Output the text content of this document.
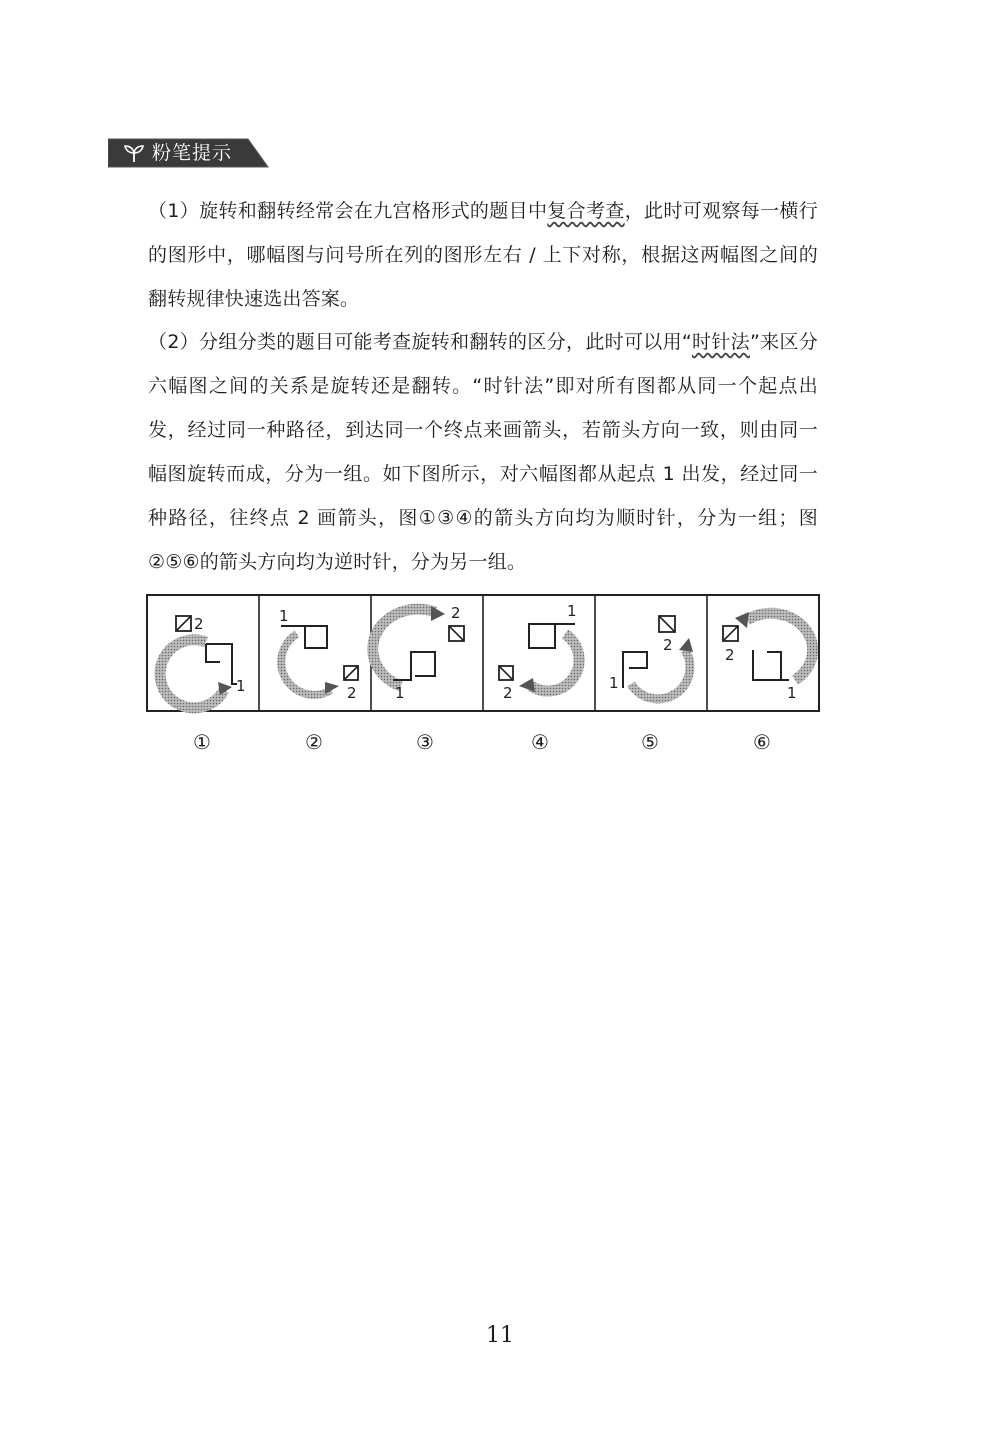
粉笔提示

（1）旋转和翻转经常会在九宫格形式的题目中复合考查，此时可观察每一横行的图形中，哪幅图与问号所在列的图形左右 / 上下对称，根据这两幅图之间的翻转规律快速选出答案。

（2）分组分类的题目可能考查旋转和翻转的区分，此时可以用“时针法”来区分六幅图之间的关系是旋转还是翻转。“时针法”即对所有图都从同一个起点出发，经过同一种路径，到达同一个终点来画箭头，若箭头方向一致，则由同一幅图旋转而成，分为一组。如下图所示，对六幅图都从起点 1 出发，经过同一种路径，往终点 2 画箭头，图①③④的箭头方向均为顺时针，分为一组；图②⑤⑥的箭头方向均为逆时针，分为另一组。

2
1
1
2
2
1
1
2
2
1
2
1
①	②	③	④	⑤	⑥
11
